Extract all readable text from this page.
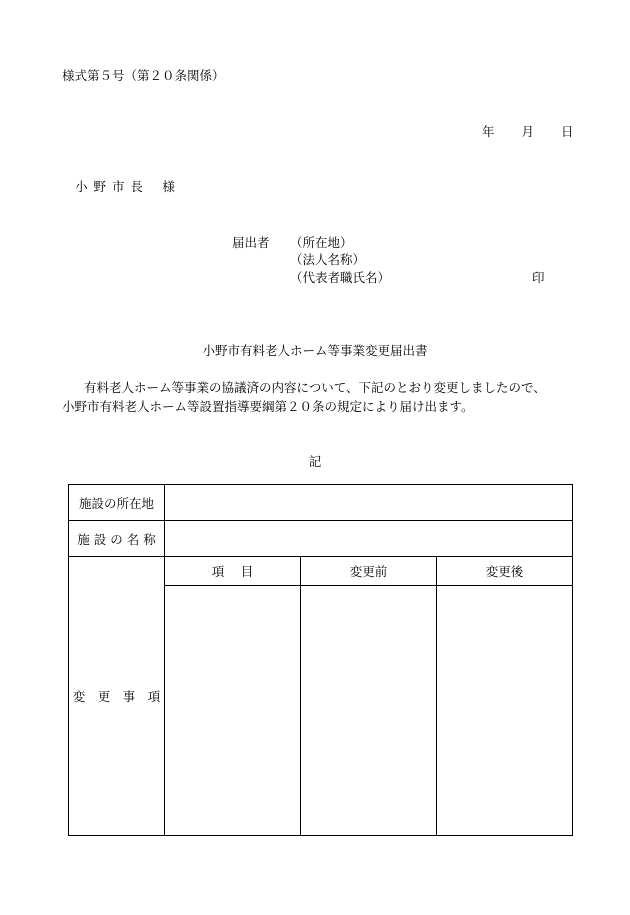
様式第５号（第２０条関係）
年 月 日
小 野 市 長　 様
届出者 （所在地）
（法人名称）
（代表者職氏名）	印
小野市有料老人ホーム等事業変更届出書
有料老人ホーム等事業の協議済の内容について、下記のとおり変更しましたので、
小野市有料老人ホーム等設置指導要綱第２０条の規定により届け出ます。
記
施設の所在地			
施 設 の 名 称			
変　更　事　項	項　 目	変更前	変更後
